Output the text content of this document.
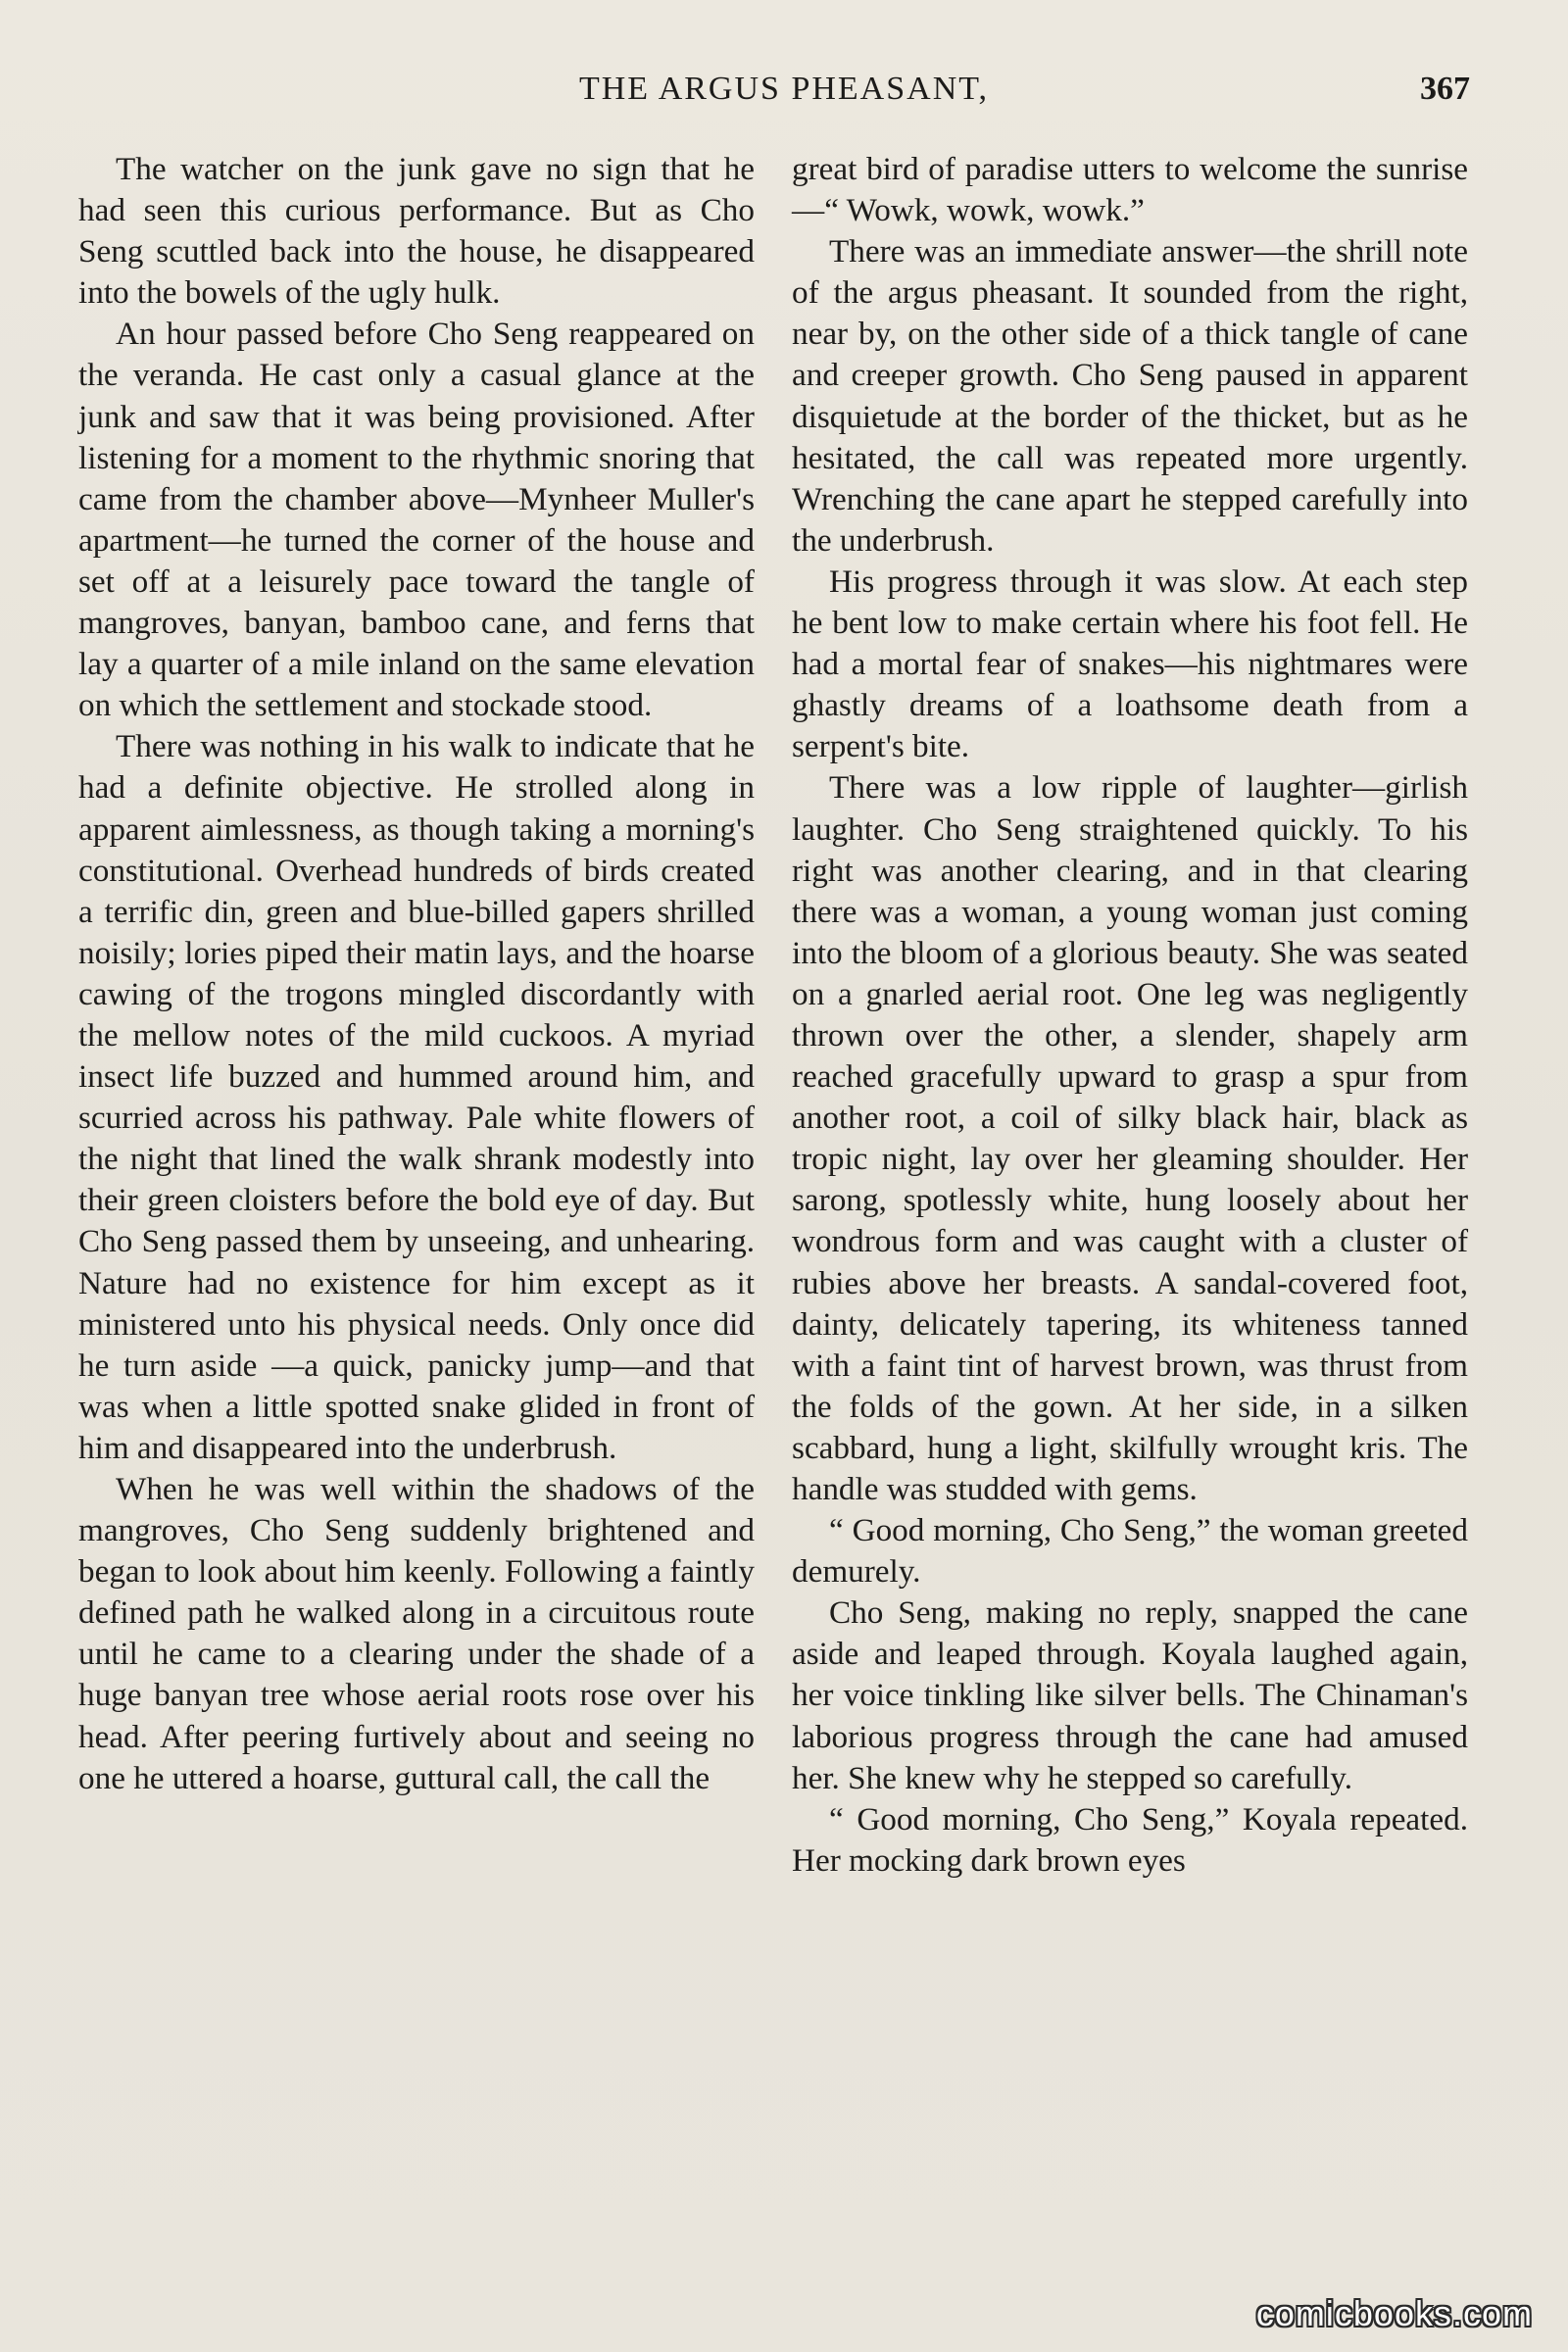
THE ARGUS PHEASANT,	367

The watcher on the junk gave no sign that he had seen this curious performance. But as Cho Seng scuttled back into the house, he disappeared into the bowels of the ugly hulk.

An hour passed before Cho Seng reappeared on the veranda. He cast only a casual glance at the junk and saw that it was being provisioned. After listening for a moment to the rhythmic snoring that came from the chamber above—Mynheer Muller's apartment—he turned the corner of the house and set off at a leisurely pace toward the tangle of mangroves, banyan, bamboo cane, and ferns that lay a quarter of a mile inland on the same elevation on which the settlement and stockade stood.

There was nothing in his walk to indicate that he had a definite objective. He strolled along in apparent aimlessness, as though taking a morning's constitutional. Overhead hundreds of birds created a terrific din, green and blue-billed gapers shrilled noisily; lories piped their matin lays, and the hoarse cawing of the trogons mingled discordantly with the mellow notes of the mild cuckoos. A myriad insect life buzzed and hummed around him, and scurried across his pathway. Pale white flowers of the night that lined the walk shrank modestly into their green cloisters before the bold eye of day. But Cho Seng passed them by unseeing, and unhearing. Nature had no existence for him except as it ministered unto his physical needs. Only once did he turn aside —a quick, panicky jump—and that was when a little spotted snake glided in front of him and disappeared into the underbrush.

When he was well within the shadows of the mangroves, Cho Seng suddenly brightened and began to look about him keenly. Following a faintly defined path he walked along in a circuitous route until he came to a clearing under the shade of a huge banyan tree whose aerial roots rose over his head. After peering furtively about and seeing no one he uttered a hoarse, guttural call, the call the

great bird of paradise utters to welcome the sunrise—“ Wowk, wowk, wowk.”

There was an immediate answer—the shrill note of the argus pheasant. It sounded from the right, near by, on the other side of a thick tangle of cane and creeper growth. Cho Seng paused in apparent disquietude at the border of the thicket, but as he hesitated, the call was repeated more urgently. Wrenching the cane apart he stepped carefully into the underbrush.

His progress through it was slow. At each step he bent low to make certain where his foot fell. He had a mortal fear of snakes—his nightmares were ghastly dreams of a loathsome death from a serpent's bite.

There was a low ripple of laughter—girlish laughter. Cho Seng straightened quickly. To his right was another clearing, and in that clearing there was a woman, a young woman just coming into the bloom of a glorious beauty. She was seated on a gnarled aerial root. One leg was negligently thrown over the other, a slender, shapely arm reached gracefully upward to grasp a spur from another root, a coil of silky black hair, black as tropic night, lay over her gleaming shoulder. Her sarong, spotlessly white, hung loosely about her wondrous form and was caught with a cluster of rubies above her breasts. A sandal-covered foot, dainty, delicately tapering, its whiteness tanned with a faint tint of harvest brown, was thrust from the folds of the gown. At her side, in a silken scabbard, hung a light, skilfully wrought kris. The handle was studded with gems.

“ Good morning, Cho Seng,” the woman greeted demurely.

Cho Seng, making no reply, snapped the cane aside and leaped through. Koyala laughed again, her voice tinkling like silver bells. The Chinaman's laborious progress through the cane had amused her. She knew why he stepped so carefully.

“ Good morning, Cho Seng,” Koyala repeated. Her mocking dark brown eyes

comicbooks.com
